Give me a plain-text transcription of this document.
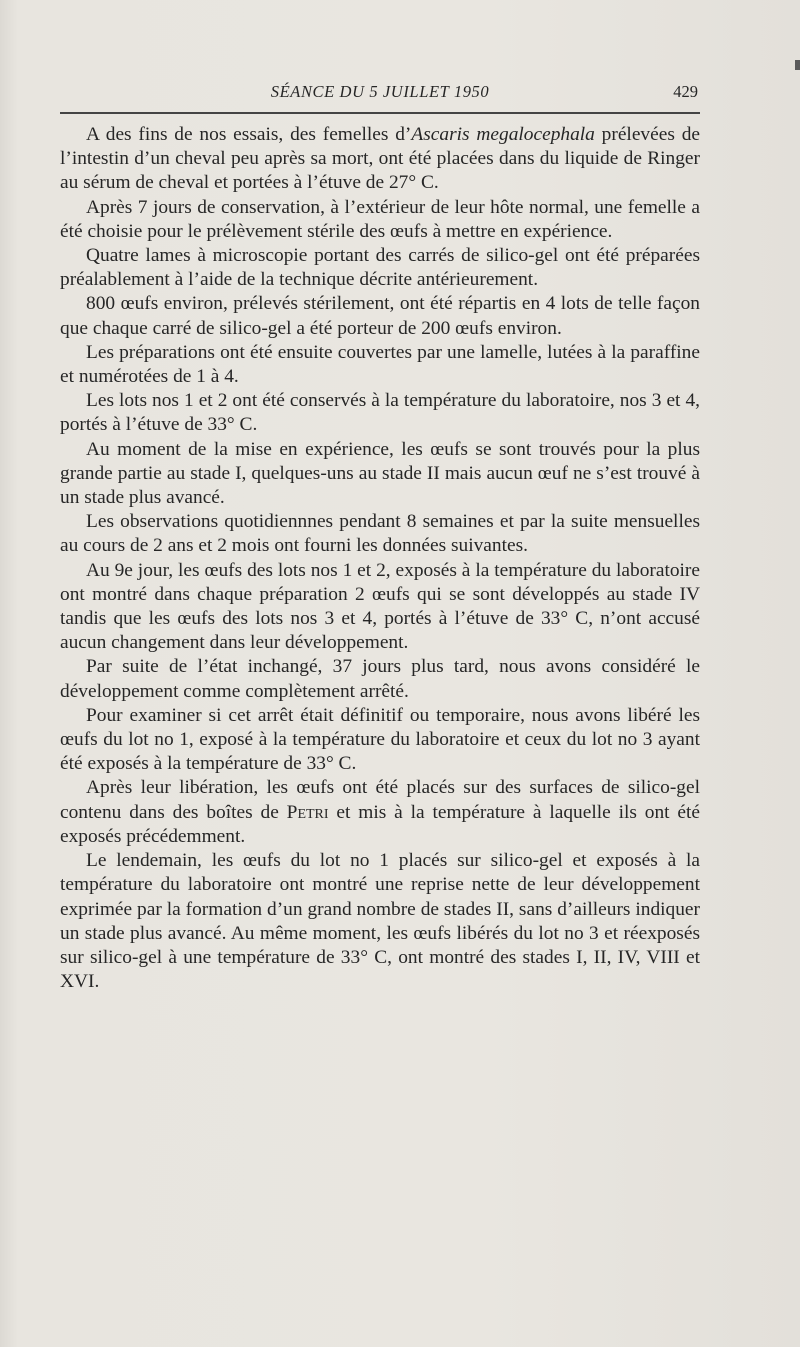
SÉANCE DU 5 JUILLET 1950	429

A des fins de nos essais, des femelles d’Ascaris megalocephala prélevées de l’intestin d’un cheval peu après sa mort, ont été placées dans du liquide de Ringer au sérum de cheval et portées à l’étuve de 27° C.

Après 7 jours de conservation, à l’extérieur de leur hôte normal, une femelle a été choisie pour le prélèvement stérile des œufs à mettre en expérience.

Quatre lames à microscopie portant des carrés de silico-gel ont été préparées préalablement à l’aide de la technique décrite antérieurement.

800 œufs environ, prélevés stérilement, ont été répartis en 4 lots de telle façon que chaque carré de silico-gel a été porteur de 200 œufs environ.

Les préparations ont été ensuite couvertes par une lamelle, lutées à la paraffine et numérotées de 1 à 4.

Les lots nos 1 et 2 ont été conservés à la température du laboratoire, nos 3 et 4, portés à l’étuve de 33° C.

Au moment de la mise en expérience, les œufs se sont trouvés pour la plus grande partie au stade I, quelques-uns au stade II mais aucun œuf ne s’est trouvé à un stade plus avancé.

Les observations quotidiennnes pendant 8 semaines et par la suite mensuelles au cours de 2 ans et 2 mois ont fourni les données suivantes.

Au 9e jour, les œufs des lots nos 1 et 2, exposés à la température du laboratoire ont montré dans chaque préparation 2 œufs qui se sont développés au stade IV tandis que les œufs des lots nos 3 et 4, portés à l’étuve de 33° C, n’ont accusé aucun changement dans leur développement.

Par suite de l’état inchangé, 37 jours plus tard, nous avons considéré le développement comme complètement arrêté.

Pour examiner si cet arrêt était définitif ou temporaire, nous avons libéré les œufs du lot no 1, exposé à la température du laboratoire et ceux du lot no 3 ayant été exposés à la température de 33° C.

Après leur libération, les œufs ont été placés sur des surfaces de silico-gel contenu dans des boîtes de Petri et mis à la température à laquelle ils ont été exposés précédemment.

Le lendemain, les œufs du lot no 1 placés sur silico-gel et exposés à la température du laboratoire ont montré une reprise nette de leur développement exprimée par la formation d’un grand nombre de stades II, sans d’ailleurs indiquer un stade plus avancé. Au même moment, les œufs libérés du lot no 3 et réexposés sur silico-gel à une température de 33° C, ont montré des stades I, II, IV, VIII et XVI.
